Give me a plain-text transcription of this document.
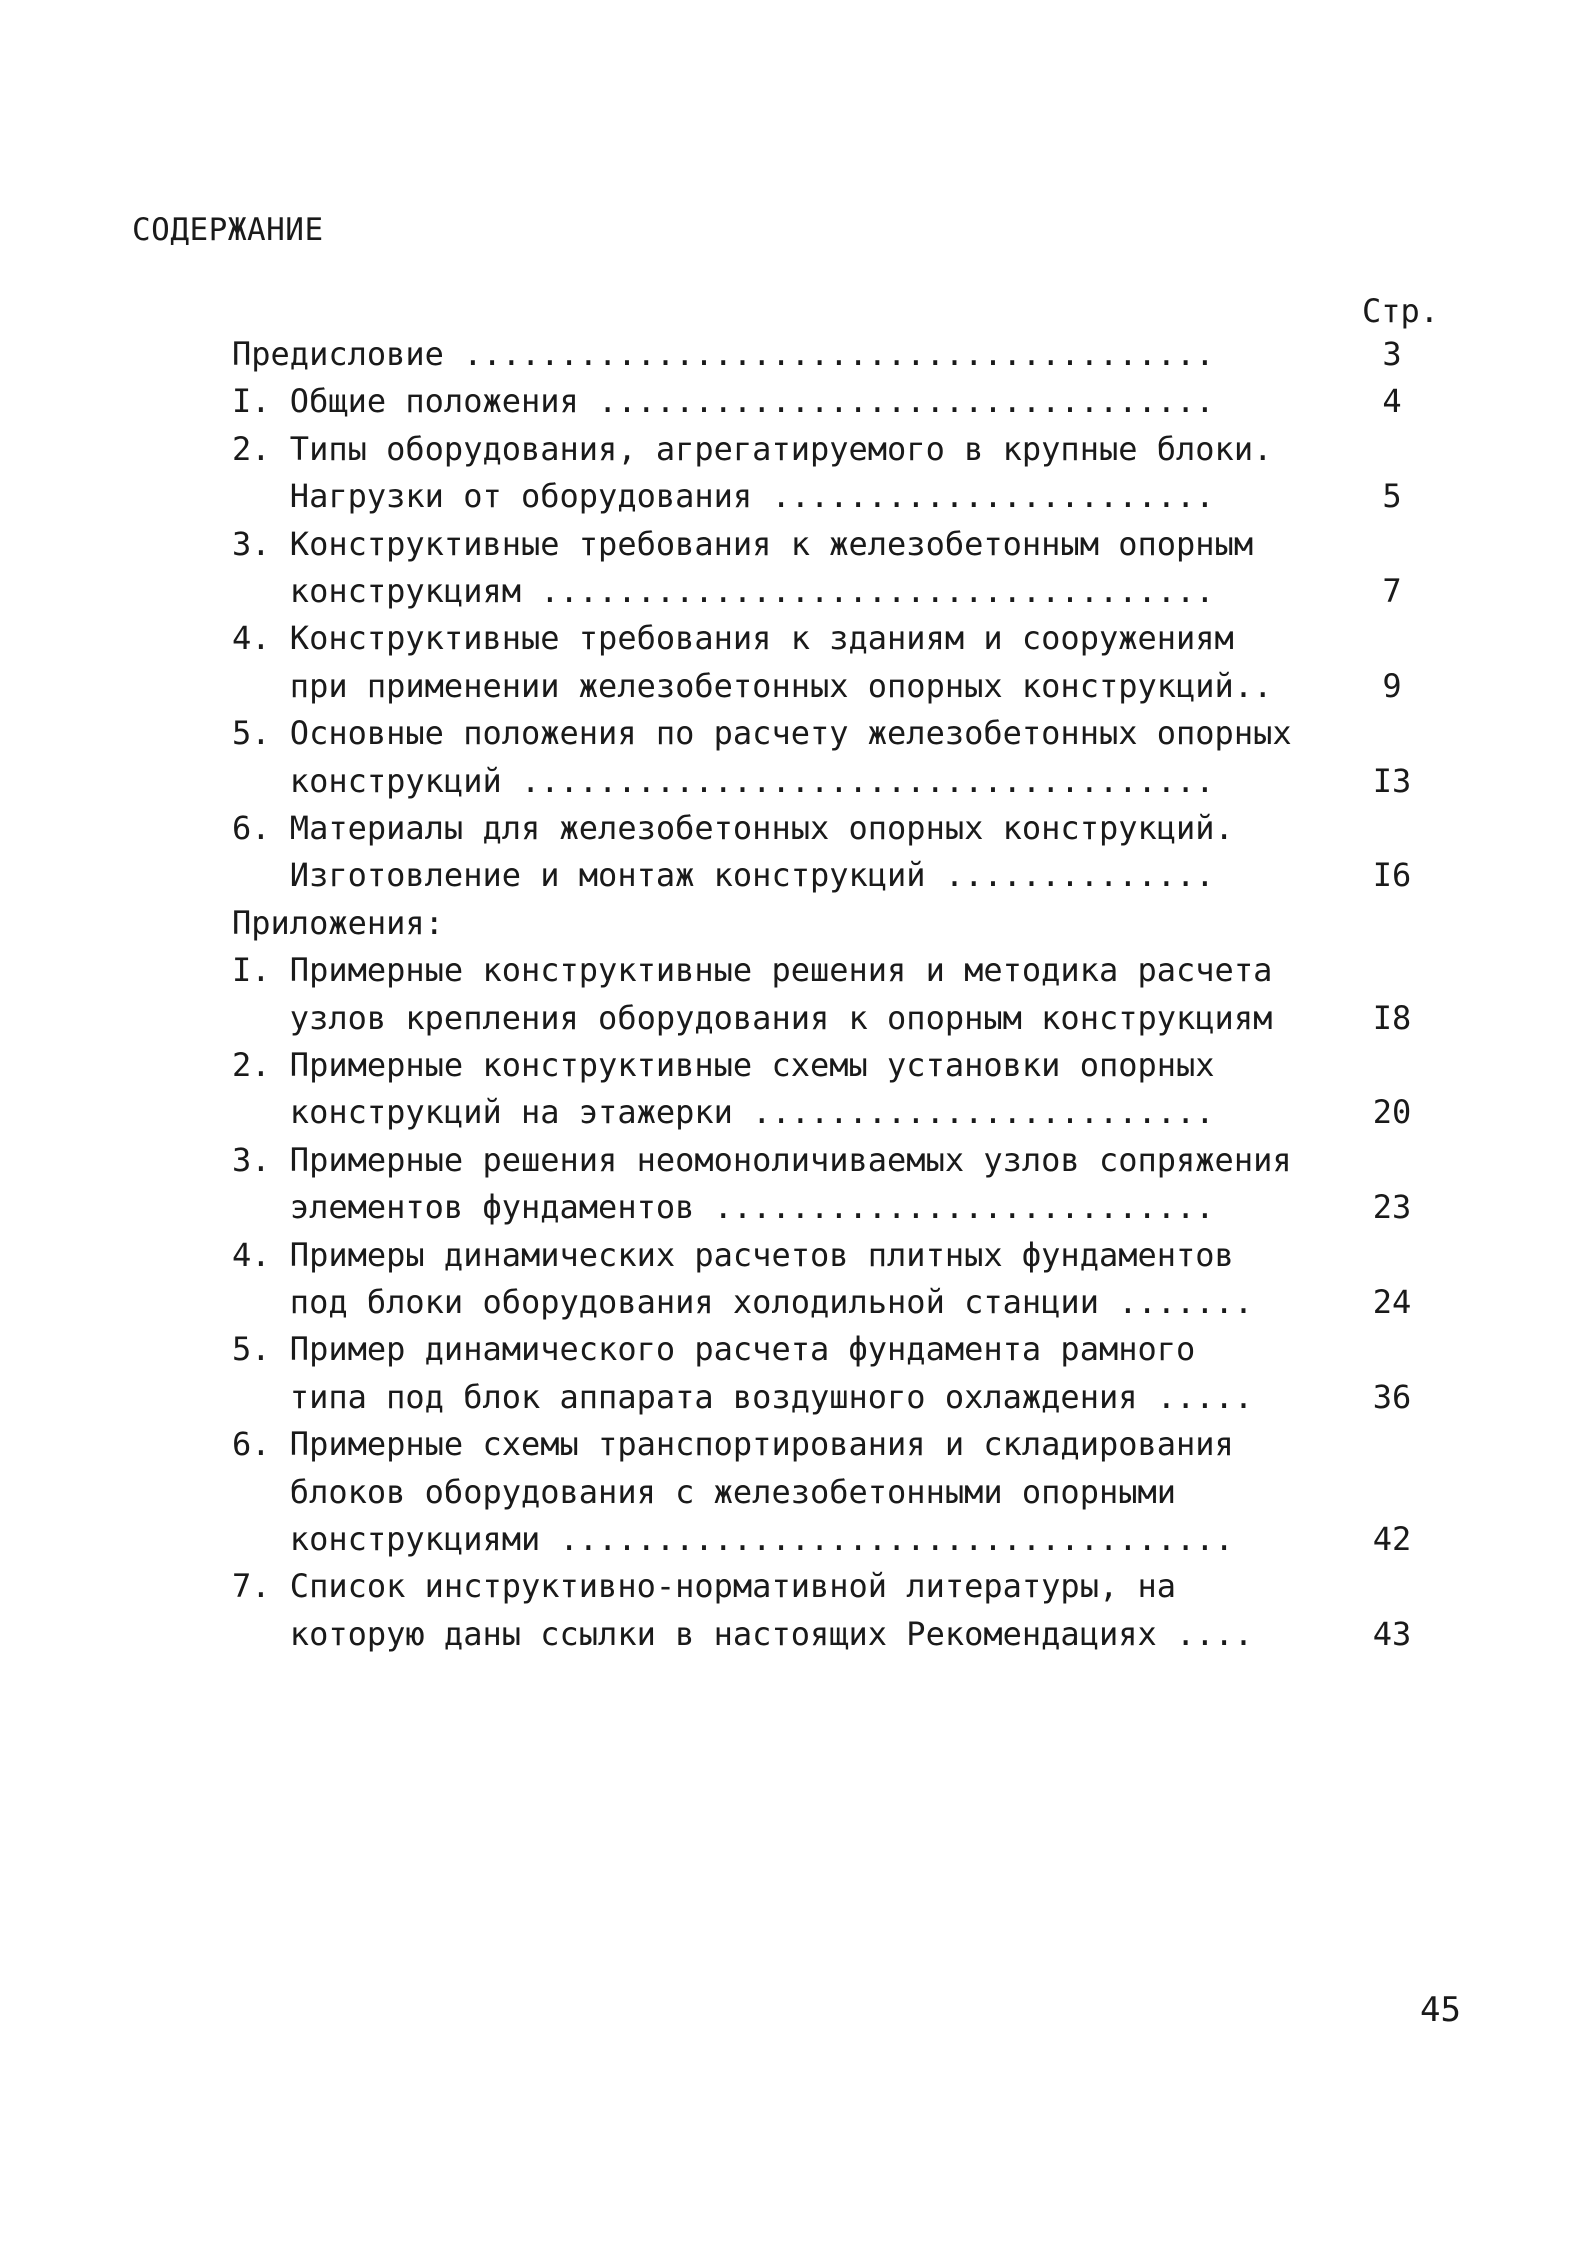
СОДЕРЖАНИЕ
Стр.
Предисловие .......................................	3
I. Общие положения ................................	4
2. Типы оборудования, агрегатируемого в крупные блоки.
Нагрузки от оборудования .......................	5
3. Конструктивные требования к железобетонным опорным
конструкциям ...................................	7
4. Конструктивные требования к зданиям и сооружениям
при применении железобетонных опорных конструкций..	9
5. Основные положения по расчету железобетонных опорных
конструкций ....................................	I3
6. Материалы для железобетонных опорных конструкций.
Изготовление и монтаж конструкций ..............	I6
Приложения:
I. Примерные конструктивные решения и методика расчета
узлов крепления оборудования к опорным конструкциям	I8
2. Примерные конструктивные схемы установки опорных
конструкций на этажерки ........................	20
3. Примерные решения неомоноличиваемых узлов сопряжения
элементов фундаментов ..........................	23
4. Примеры динамических расчетов плитных фундаментов
под блоки оборудования холодильной станции .......	24
5. Пример динамического расчета фундамента рамного
типа под блок аппарата воздушного охлаждения .....	36
6. Примерные схемы транспортирования и складирования
блоков оборудования с железобетонными опорными
конструкциями ...................................	42
7. Список инструктивно-нормативной литературы, на
которую даны ссылки в настоящих Рекомендациях ....	43
45
